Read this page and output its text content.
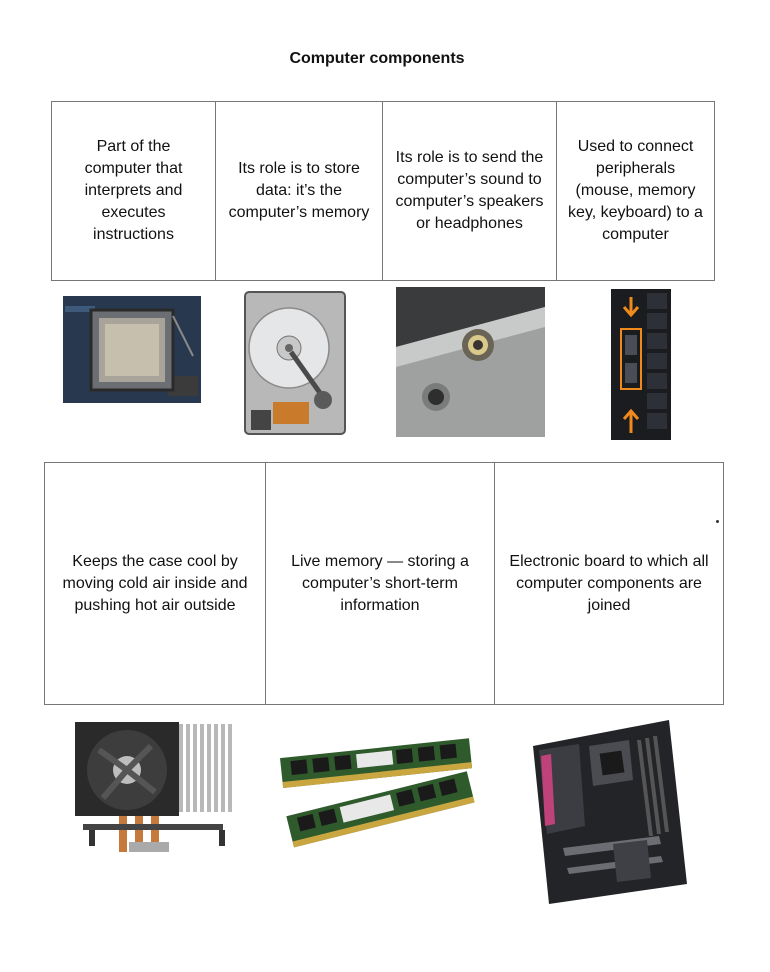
Computer components
Part of the computer that interprets and executes instructions	Its role is to store data: it’s the computer’s memory	Its role is to send the computer’s sound to computer’s speakers or headphones	Used to connect peripherals (mouse, memory key, keyboard) to a computer
Keeps the case cool by moving cold air inside and pushing hot air outside	Live memory — storing a computer’s short-term information	Electronic board to which all computer components are joined
